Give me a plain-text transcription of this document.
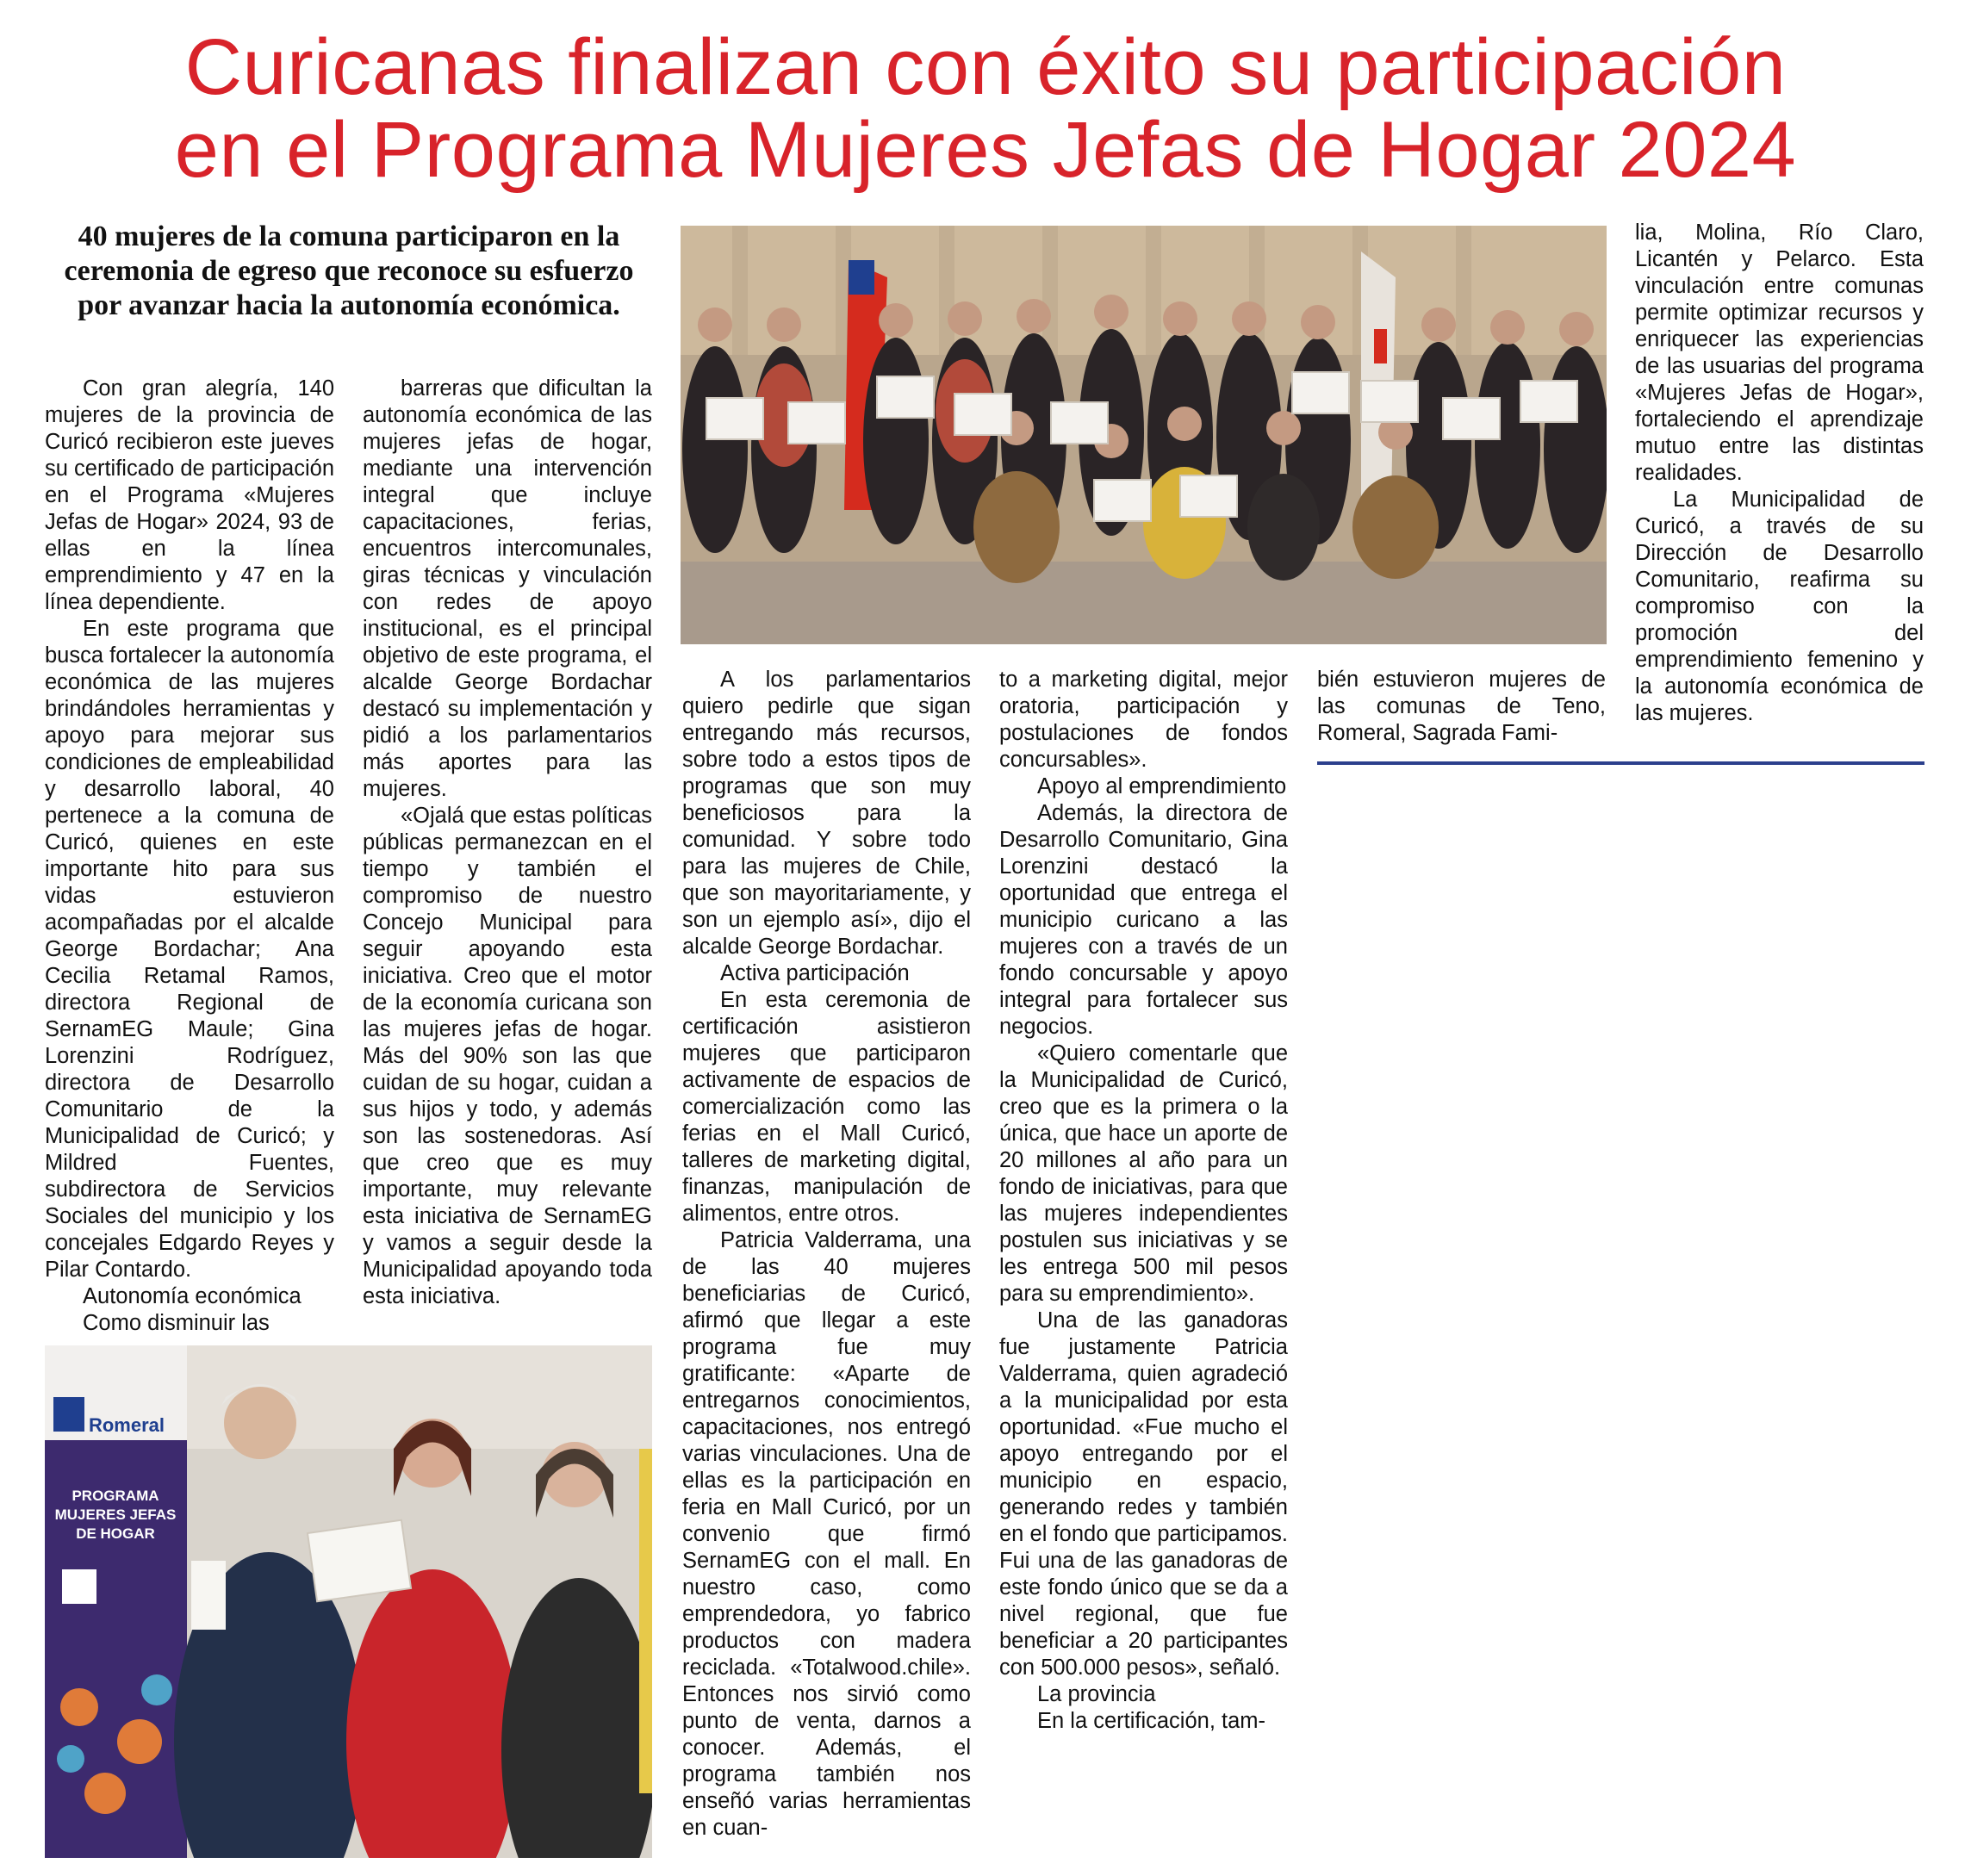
Curicanas finalizan con éxito su participación
en el Programa Mujeres Jefas de Hogar 2024
40 mujeres de la comuna participaron en la ceremonia de egreso que reconoce su esfuerzo por avanzar hacia la autonomía económica.

Con gran alegría, 140 mujeres de la provincia de Curicó recibieron este jueves su certificado de participación en el Programa «Mujeres Jefas de Hogar» 2024, 93 de ellas en la línea emprendimiento y 47 en la línea dependiente.

En este programa que busca fortalecer la autonomía económica de las mujeres brindándoles herramientas y apoyo para mejorar sus condiciones de empleabilidad y desarrollo laboral, 40 pertenece a la comuna de Curicó, quienes en este importante hito para sus vidas estuvieron acompañadas por el alcalde George Bordachar; Ana Cecilia Retamal Ramos, directora Regional de SernamEG Maule; Gina Lorenzini Rodríguez, directora de Desarrollo Comunitario de la Municipalidad de Curicó; y Mildred Fuentes, subdirectora de Servicios Sociales del municipio y los concejales Edgardo Reyes y Pilar Contardo.

Autonomía económica

Como disminuir las

barreras que dificultan la autonomía económica de las mujeres jefas de hogar, mediante una intervención integral que incluye capacitaciones, ferias, encuentros intercomunales, giras técnicas y vinculación con redes de apoyo institucional, es el principal objetivo de este programa, el alcalde George Bordachar destacó su implementación y pidió a los parlamentarios más aportes para las mujeres.

«Ojalá que estas políticas públicas permanezcan en el tiempo y también el compromiso de nuestro Concejo Municipal para seguir apoyando esta iniciativa. Creo que el motor de la economía curicana son las mujeres jefas de hogar. Más del 90% son las que cuidan de su hogar, cuidan a sus hijos y todo, y además son las sostenedoras. Así que creo que es muy importante, muy relevante esta iniciativa de SernamEG y vamos a seguir desde la Municipalidad apoyando toda esta iniciativa.

A los parlamentarios quiero pedirle que sigan entregando más recursos, sobre todo a estos tipos de programas que son muy beneficiosos para la comunidad. Y sobre todo para las mujeres de Chile, que son mayoritariamente, y son un ejemplo así», dijo el alcalde George Bordachar.

Activa participación

En esta ceremonia de certificación asistieron mujeres que participaron activamente de espacios de comercialización como las ferias en el Mall Curicó, talleres de marketing digital, finanzas, manipulación de alimentos, entre otros.

Patricia Valderrama, una de las 40 mujeres beneficiarias de Curicó, afirmó que llegar a este programa fue muy gratificante: «Aparte de entregarnos conocimientos, capacitaciones, nos entregó varias vinculaciones. Una de ellas es la participación en feria en Mall Curicó, por un convenio que firmó SernamEG con el mall. En nuestro caso, como emprendedora, yo fabrico productos con madera reciclada. «Totalwood.chile». Entonces nos sirvió como punto de venta, darnos a conocer. Además, el programa también nos enseñó varias herramientas en cuan-

to a marketing digital, mejor oratoria, participación y postulaciones de fondos concursables».

Apoyo al emprendimiento

Además, la directora de Desarrollo Comunitario, Gina Lorenzini destacó la oportunidad que entrega el municipio curicano a las mujeres con a través de un fondo concursable y apoyo integral para fortalecer sus negocios.

«Quiero comentarle que la Municipalidad de Curicó, creo que es la primera o la única, que hace un aporte de 20 millones al año para un fondo de iniciativas, para que las mujeres independientes postulen sus iniciativas y se les entrega 500 mil pesos para su emprendimiento».

Una de las ganadoras fue justamente Patricia Valderrama, quien agradeció a la municipalidad por esta oportunidad. «Fue mucho el apoyo entregando por el municipio en espacio, generando redes y también en el fondo que participamos. Fui una de las ganadoras de este fondo único que se da a nivel regional, que fue beneficiar a 20 participantes con 500.000 pesos», señaló.

La provincia

En la certificación, tam-

bién estuvieron mujeres de las comunas de Teno, Romeral, Sagrada Fami-

lia, Molina, Río Claro, Licantén y Pelarco. Esta vinculación entre comunas permite optimizar recursos y enriquecer las experiencias de las usuarias del programa «Mujeres Jefas de Hogar», fortaleciendo el aprendizaje mutuo entre las distintas realidades.

La Municipalidad de Curicó, a través de su Dirección de Desarrollo Comunitario, reafirma su compromiso con la promoción del emprendimiento femenino y la autonomía económica de las mujeres.

Romeral
PROGRAMA
MUJERES JEFAS
DE HOGAR
